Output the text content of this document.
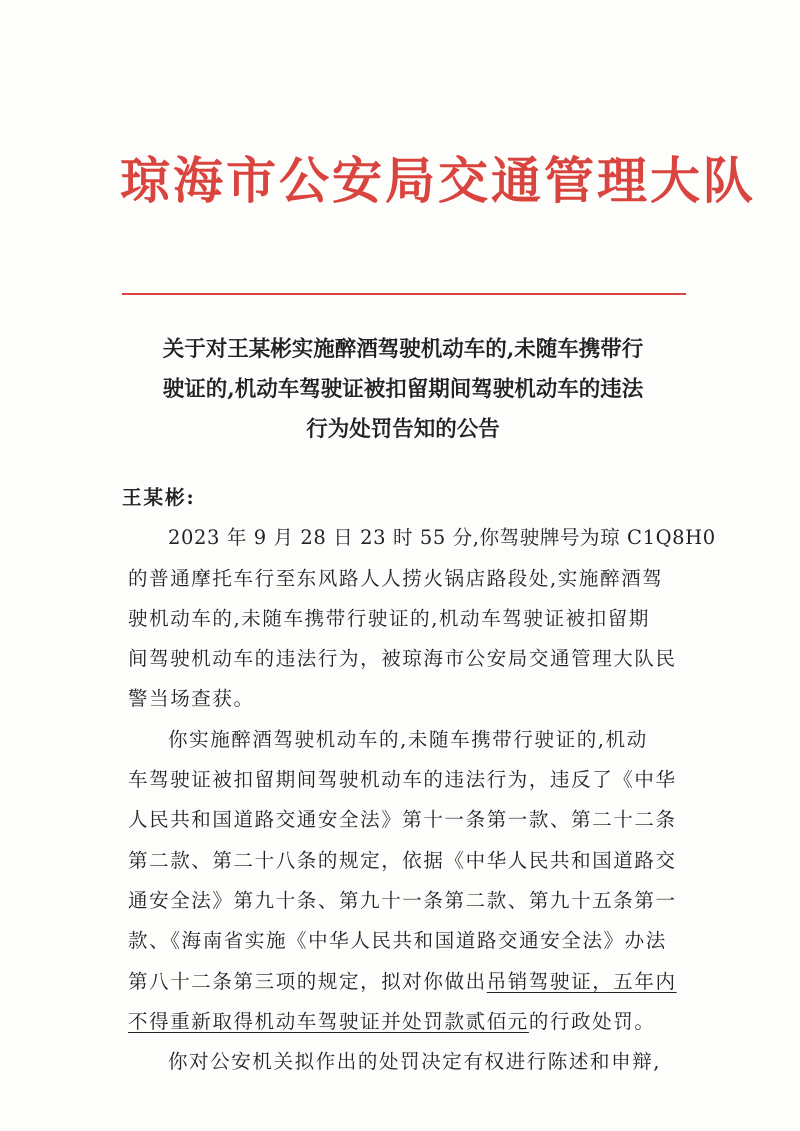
琼海市公安局交通管理大队
关于对王某彬实施醉酒驾驶机动车的,未随车携带行
驶证的,机动车驾驶证被扣留期间驾驶机动车的违法
行为处罚告知的公告
王某彬:
2023 年 9 月 28 日 23 时 55 分,你驾驶牌号为琼 C1Q8H0
的普通摩托车行至东风路人人捞火锅店路段处,实施醉酒驾
驶机动车的,未随车携带行驶证的,机动车驾驶证被扣留期
间驾驶机动车的违法行为，被琼海市公安局交通管理大队民
警当场查获。
你实施醉酒驾驶机动车的,未随车携带行驶证的,机动
车驾驶证被扣留期间驾驶机动车的违法行为，违反了《中华
人民共和国道路交通安全法》第十一条第一款、第二十二条
第二款、第二十八条的规定，依据《中华人民共和国道路交
通安全法》第九十条、第九十一条第二款、第九十五条第一
款、《海南省实施《中华人民共和国道路交通安全法》办法
第八十二条第三项的规定，拟对你做出吊销驾驶证，五年内
不得重新取得机动车驾驶证并处罚款贰佰元的行政处罚。
你对公安机关拟作出的处罚决定有权进行陈述和申辩,
